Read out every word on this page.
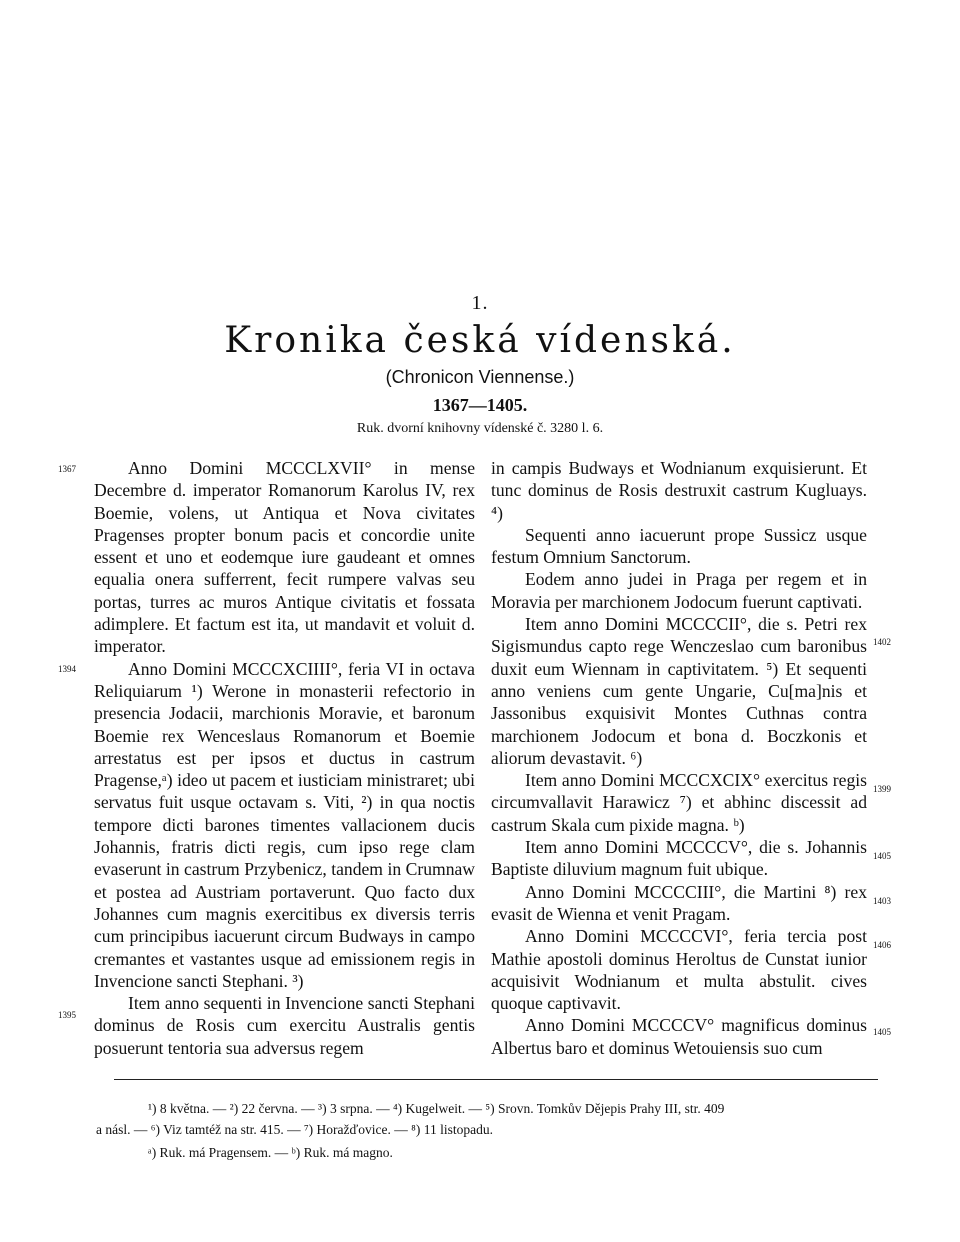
1.
Kronika česká vídenská.
(Chronicon Viennense.)
1367—1405.
Ruk. dvorní knihovny vídenské č. 3280 l. 6.
1367
1394
1395
1402
1399
1405
1403
1406
1405
Anno Domini MCCCLXVII° in mense Decembre d. imperator Romanorum Karolus IV, rex Boemie, volens, ut Antiqua et Nova civitates Pragenses propter bonum pacis et concordie unite essent et uno et eodemque iure gaudeant et omnes equalia onera sufferrent, fecit rumpere valvas seu portas, turres ac muros Antique civitatis et fossata adimplere. Et factum est ita, ut mandavit et voluit d. imperator.
Anno Domini MCCCXCIIII°, feria VI in octava Reliquiarum ¹) Werone in monasterii refectorio in presencia Jodacii, marchionis Moravie, et baronum Boemie rex Wenceslaus Romanorum et Boemie arrestatus est per ipsos et ductus in castrum Pragense,ᵃ) ideo ut pacem et iusticiam ministraret; ubi servatus fuit usque octavam s. Viti, ²) in qua noctis tempore dicti barones timentes vallacionem ducis Johannis, fratris dicti regis, cum ipso rege clam evaserunt in castrum Przybenicz, tandem in Crumnaw et postea ad Austriam portaverunt. Quo facto dux Johannes cum magnis exercitibus ex diversis terris cum principibus iacuerunt circum Budways in campo cremantes et vastantes usque ad emissionem regis in Invencione sancti Stephani. ³)
Item anno sequenti in Invencione sancti Stephani dominus de Rosis cum exercitu Australis gentis posuerunt tentoria sua adversus regem
in campis Budways et Wodnianum exquisierunt. Et tunc dominus de Rosis destruxit castrum Kugluays. ⁴)
Sequenti anno iacuerunt prope Sussicz usque festum Omnium Sanctorum.
Eodem anno judei in Praga per regem et in Moravia per marchionem Jodocum fuerunt captivati.
Item anno Domini MCCCCII°, die s. Petri rex Sigismundus capto rege Wenczeslao cum baronibus duxit eum Wiennam in captivitatem. ⁵) Et sequenti anno veniens cum gente Ungarie, Cu[ma]nis et Jassonibus exquisivit Montes Cuthnas contra marchionem Jodocum et bona d. Boczkonis et aliorum devastavit. ⁶)
Item anno Domini MCCCXCIX° exercitus regis circumvallavit Harawicz ⁷) et abhinc discessit ad castrum Skala cum pixide magna. ᵇ)
Item anno Domini MCCCCV°, die s. Johannis Baptiste diluvium magnum fuit ubique.
Anno Domini MCCCCIII°, die Martini ⁸) rex evasit de Wienna et venit Pragam.
Anno Domini MCCCCVI°, feria tercia post Mathie apostoli dominus Heroltus de Cunstat iunior acquisivit Wodnianum et multa abstulit. cives quoque captivavit.
Anno Domini MCCCCV° magnificus dominus Albertus baro et dominus Wetouiensis suo cum
¹) 8 května. — ²) 22 června. — ³) 3 srpna. — ⁴) Kugelweit. — ⁵) Srovn. Tomkův Dějepis Prahy III, str. 409
a násl. — ⁶) Viz tamtéž na str. 415. — ⁷) Horažďovice. — ⁸) 11 listopadu.
ᵃ) Ruk. má Pragensem. — ᵇ) Ruk. má magno.
